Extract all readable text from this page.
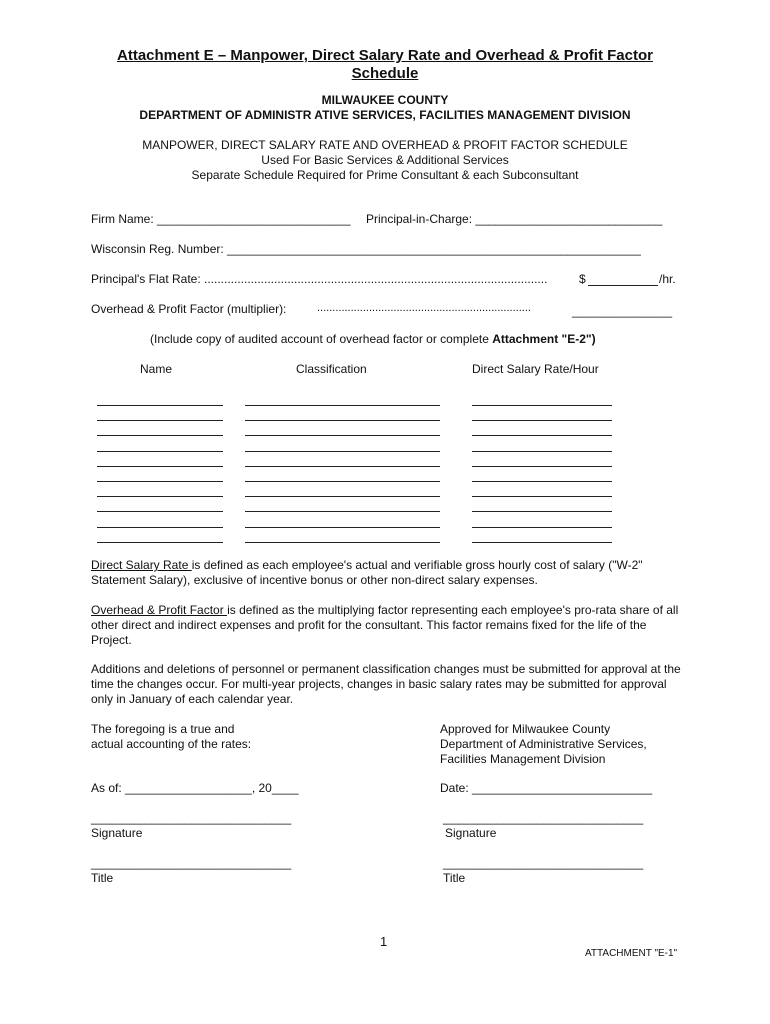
Attachment E – Manpower, Direct Salary Rate and Overhead & Profit Factor
Schedule
MILWAUKEE COUNTY
DEPARTMENT OF ADMINISTR ATIVE SERVICES, FACILITIES MANAGEMENT DIVISION
MANPOWER, DIRECT SALARY RATE AND OVERHEAD & PROFIT FACTOR SCHEDULE
Used For Basic Services & Additional Services
Separate Schedule Required for Prime Consultant & each Subconsultant
Firm Name: _____________________________ Principal-in-Charge: ____________________________
Wisconsin Reg. Number: ______________________________________________________________
Principal's Flat Rate: .......................................................................................................	$	/hr.
Overhead & Profit Factor (multiplier):	......................................................................	_______________
(Include copy of audited account of overhead factor or complete Attachment "E-2")
Name	Classification	Direct Salary Rate/Hour
Direct Salary Rate is defined as each employee's actual and verifiable gross hourly cost of salary ("W-2" Statement Salary), exclusive of incentive bonus or other non-direct salary expenses.
Overhead & Profit Factor is defined as the multiplying factor representing each employee's pro-rata share of all other direct and indirect expenses and profit for the consultant. This factor remains fixed for the life of the Project.
Additions and deletions of personnel or permanent classification changes must be submitted for approval at the time the changes occur. For multi-year projects, changes in basic salary rates may be submitted for approval only in January of each calendar year.
The foregoing is a true and
actual accounting of the rates:
Approved for Milwaukee County
Department of Administrative Services,
Facilities Management Division
As of: ___________________, 20____	Date: ___________________________
______________________________
Signature
______________________________
Signature
______________________________
Title
______________________________
Title
1
ATTACHMENT "E-1"
